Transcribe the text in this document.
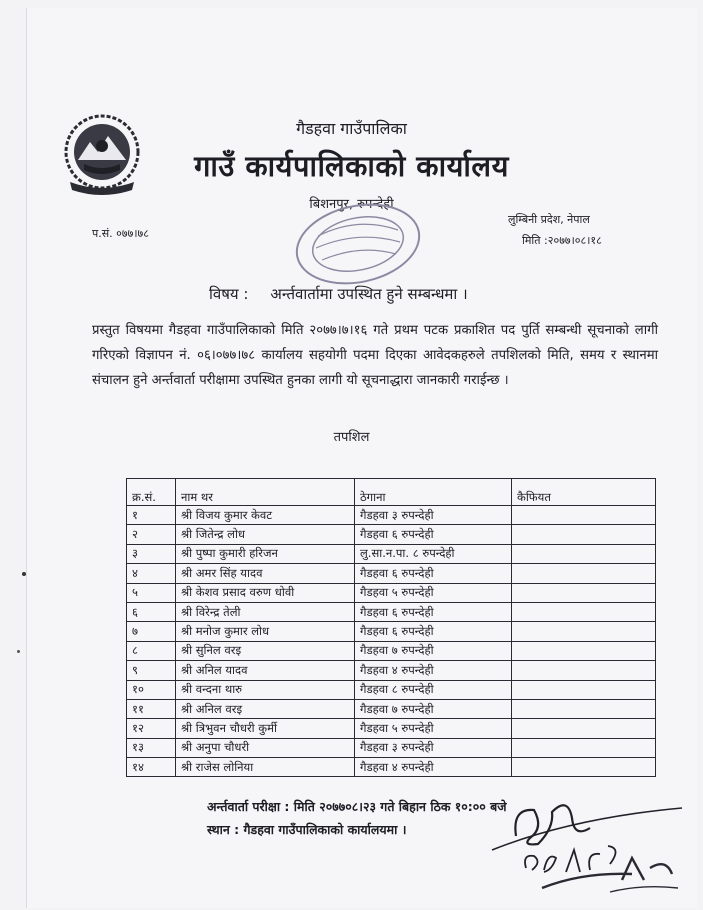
गैडहवा गाउँपालिका
गाउँ कार्यपालिकाको कार्यालय
बिशनपुर, रुपन्देही
लुम्बिनी प्रदेश, नेपाल
मिति :२०७७।०८।१८
प.सं. ०७७।७८
विषय : अर्न्तवार्तामा उपस्थित हुने सम्बन्धमा ।
प्रस्तुत विषयमा गैडहवा गाउँपालिकाको मिति २०७७।७।१६ गते प्रथम पटक प्रकाशित पद पुर्ति सम्बन्धी सूचनाको लागी गरिएको विज्ञापन नं. ०६।०७७।७८ कार्यालय सहयोगी पदमा दिएका आवेदकहरुले तपशिलको मिति, समय र स्थानमा संचालन हुने अर्न्तवार्ता परीक्षामा उपस्थित हुनका लागी यो सूचनाद्धारा जानकारी गराईन्छ ।
तपशिल
क्र.सं.	नाम थर	ठेगाना	कैफियत
१	श्री विजय कुमार केवट	गैडहवा ३ रुपन्देही	
२	श्री जितेन्द्र लोध	गैडहवा ६ रुपन्देही	
३	श्री पुष्पा कुमारी हरिजन	लु.सा.न.पा. ८ रुपन्देही	
४	श्री अमर सिंह यादव	गैडहवा ६ रुपन्देही	
५	श्री केशव प्रसाद वरुण धोवी	गैडहवा ५ रुपन्देही	
६	श्री विरेन्द्र तेली	गैडहवा ६ रुपन्देही	
७	श्री मनोज कुमार लोध	गैडहवा ६ रुपन्देही	
८	श्री सुनिल वरइ	गैडहवा ७ रुपन्देही	
९	श्री अनिल यादव	गैडहवा ४ रुपन्देही	
१०	श्री वन्दना थारु	गैडहवा ८ रुपन्देही	
११	श्री अनिल वरइ	गैडहवा ७ रुपन्देही	
१२	श्री त्रिभुवन चौधरी कुर्मी	गैडहवा ५ रुपन्देही	
१३	श्री अनुपा चौधरी	गैडहवा ३ रुपन्देही	
१४	श्री राजेस लोनिया	गैडहवा ४ रुपन्देही	
अर्न्तवार्ता परीक्षा : मिति २०७७०८।२३ गते बिहान ठिक १०:०० बजे
स्थान : गैडहवा गाउँपालिकाको कार्यालयमा ।
